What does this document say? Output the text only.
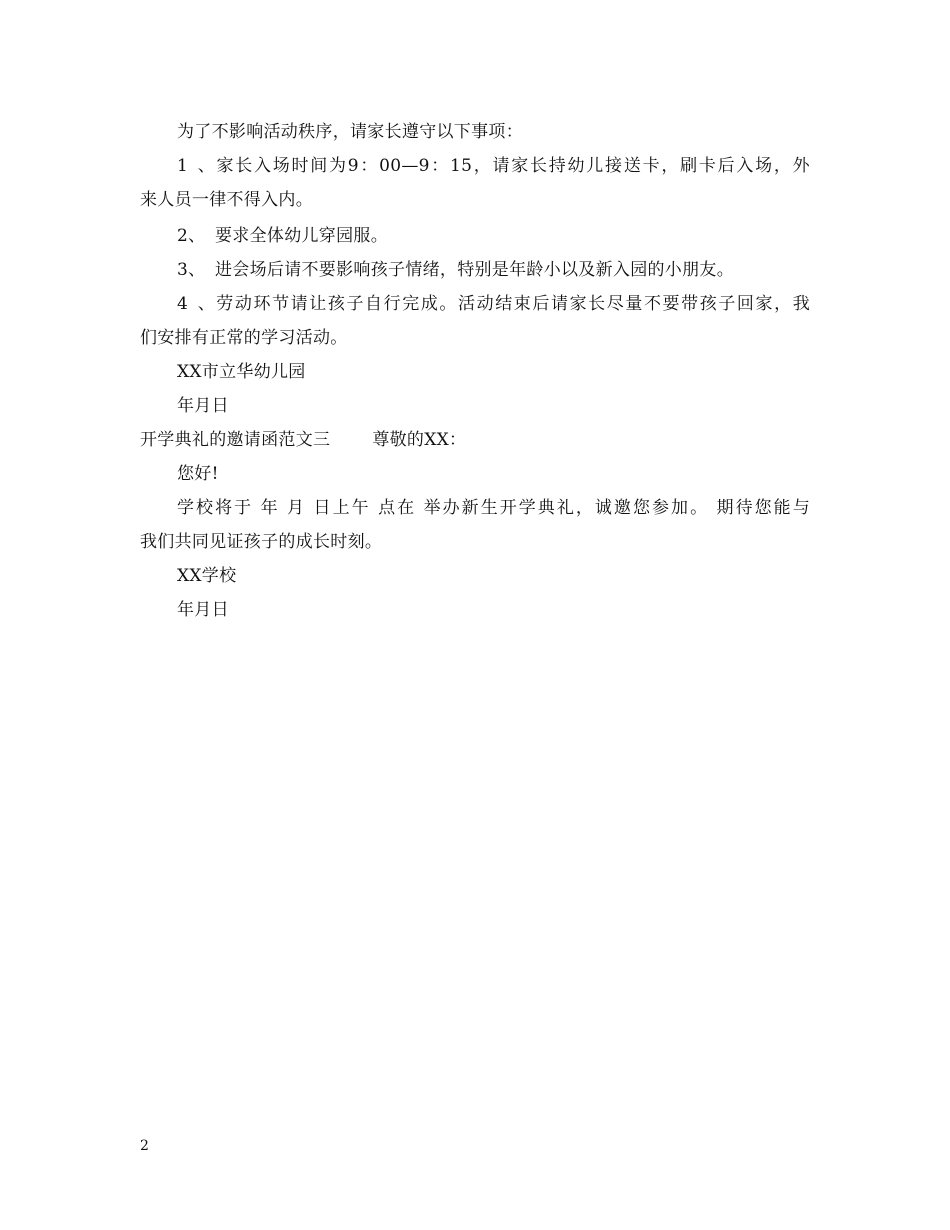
为了不影响活动秩序，请家长遵守以下事项：
1、家长入场时间为9：00—9：15，请家长持幼儿接送卡，刷卡后入场，外
来人员一律不得入内。
2、 要求全体幼儿穿园服。
3、 进会场后请不要影响孩子情绪，特别是年龄小以及新入园的小朋友。
4、劳动环节请让孩子自行完成。活动结束后请家长尽量不要带孩子回家，我
们安排有正常的学习活动。
XX市立华幼儿园
年月日
开学典礼的邀请函范文三 尊敬的XX：
您好!
学校将于 年 月 日上午 点在 举办新生开学典礼，诚邀您参加。 期待您能与
我们共同见证孩子的成长时刻。
XX学校
年月日
2
